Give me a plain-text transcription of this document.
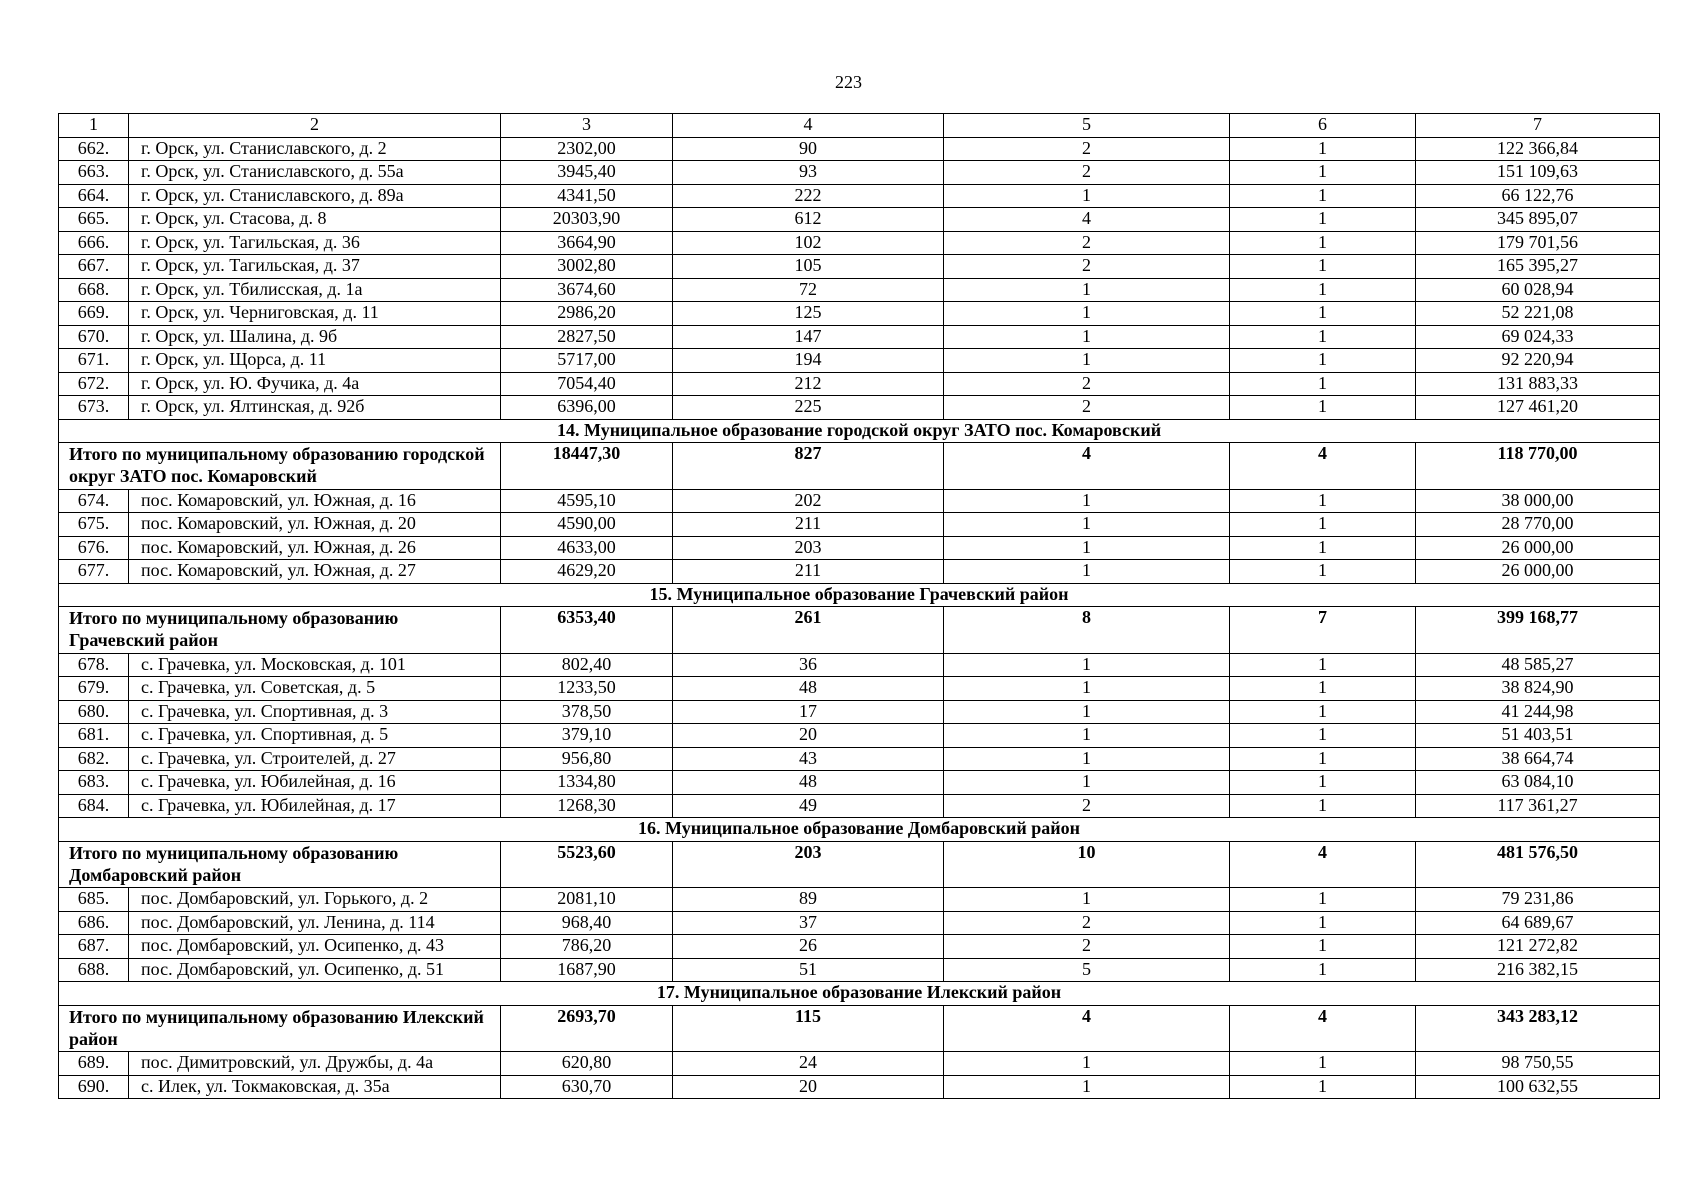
223
1	2	3	4	5	6	7
662.	г. Орск, ул. Станиславского, д. 2	2302,00	90	2	1	122 366,84
663.	г. Орск, ул. Станиславского, д. 55а	3945,40	93	2	1	151 109,63
664.	г. Орск, ул. Станиславского, д. 89а	4341,50	222	1	1	66 122,76
665.	г. Орск, ул. Стасова, д. 8	20303,90	612	4	1	345 895,07
666.	г. Орск, ул. Тагильская, д. 36	3664,90	102	2	1	179 701,56
667.	г. Орск, ул. Тагильская, д. 37	3002,80	105	2	1	165 395,27
668.	г. Орск, ул. Тбилисская, д. 1а	3674,60	72	1	1	60 028,94
669.	г. Орск, ул. Черниговская, д. 11	2986,20	125	1	1	52 221,08
670.	г. Орск, ул. Шалина, д. 9б	2827,50	147	1	1	69 024,33
671.	г. Орск, ул. Щорса, д. 11	5717,00	194	1	1	92 220,94
672.	г. Орск, ул. Ю. Фучика, д. 4а	7054,40	212	2	1	131 883,33
673.	г. Орск, ул. Ялтинская, д. 92б	6396,00	225	2	1	127 461,20
14. Муниципальное образование городской округ ЗАТО пос. Комаровский						
Итого по муниципальному образованию городской округ ЗАТО пос. Комаровский		18447,30	827	4	4	118 770,00
674.	пос. Комаровский, ул. Южная, д. 16	4595,10	202	1	1	38 000,00
675.	пос. Комаровский, ул. Южная, д. 20	4590,00	211	1	1	28 770,00
676.	пос. Комаровский, ул. Южная, д. 26	4633,00	203	1	1	26 000,00
677.	пос. Комаровский, ул. Южная, д. 27	4629,20	211	1	1	26 000,00
15. Муниципальное образование Грачевский район						
Итого по муниципальному образованию Грачевский район		6353,40	261	8	7	399 168,77
678.	с. Грачевка, ул. Московская, д. 101	802,40	36	1	1	48 585,27
679.	с. Грачевка, ул. Советская, д. 5	1233,50	48	1	1	38 824,90
680.	с. Грачевка, ул. Спортивная, д. 3	378,50	17	1	1	41 244,98
681.	с. Грачевка, ул. Спортивная, д. 5	379,10	20	1	1	51 403,51
682.	с. Грачевка, ул. Строителей, д. 27	956,80	43	1	1	38 664,74
683.	с. Грачевка, ул. Юбилейная, д. 16	1334,80	48	1	1	63 084,10
684.	с. Грачевка, ул. Юбилейная, д. 17	1268,30	49	2	1	117 361,27
16. Муниципальное образование Домбаровский район						
Итого по муниципальному образованию Домбаровский район		5523,60	203	10	4	481 576,50
685.	пос. Домбаровский, ул. Горького, д. 2	2081,10	89	1	1	79 231,86
686.	пос. Домбаровский, ул. Ленина, д. 114	968,40	37	2	1	64 689,67
687.	пос. Домбаровский, ул. Осипенко, д. 43	786,20	26	2	1	121 272,82
688.	пос. Домбаровский, ул. Осипенко, д. 51	1687,90	51	5	1	216 382,15
17. Муниципальное образование Илекский район						
Итого по муниципальному образованию Илекский район		2693,70	115	4	4	343 283,12
689.	пос. Димитровский, ул. Дружбы, д. 4а	620,80	24	1	1	98 750,55
690.	с. Илек, ул. Токмаковская, д. 35а	630,70	20	1	1	100 632,55
